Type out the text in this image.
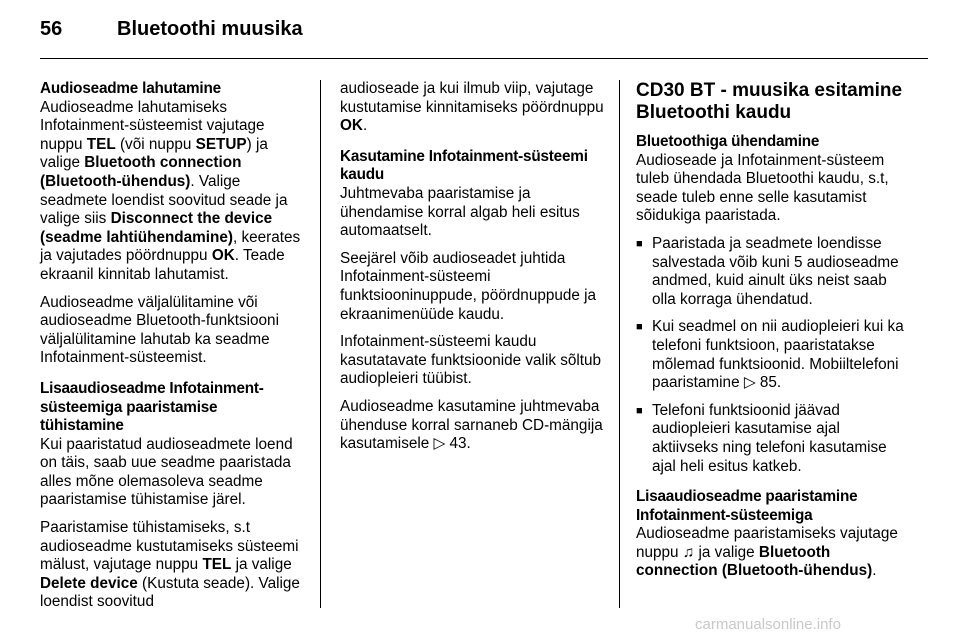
56	Bluetoothi muusika

Audioseadme lahutamine

Audioseadme lahutamiseks Infotainment-süsteemist vajutage nuppu TEL (või nuppu SETUP) ja valige Bluetooth connection (Bluetooth-ühendus). Valige seadmete loendist soovitud seade ja valige siis Disconnect the device (seadme lahtiühendamine), keerates ja vajutades pöördnuppu OK. Teade ekraanil kinnitab lahutamist.

Audioseadme väljalülitamine või audioseadme Bluetooth-funktsiooni väljalülitamine lahutab ka seadme Infotainment-süsteemist.

Lisaaudioseadme Infotainment-süsteemiga paaristamise tühistamine

Kui paaristatud audioseadmete loend on täis, saab uue seadme paaristada alles mõne olemasoleva seadme paaristamise tühistamise järel.

Paaristamise tühistamiseks, s.t audioseadme kustutamiseks süsteemi mälust, vajutage nuppu TEL ja valige Delete device (Kustuta seade). Valige loendist soovitud

audioseade ja kui ilmub viip, vajutage kustutamise kinnitamiseks pöördnuppu OK.

Kasutamine Infotainment-süsteemi kaudu

Juhtmevaba paaristamise ja ühendamise korral algab heli esitus automaatselt.

Seejärel võib audioseadet juhtida Infotainment-süsteemi funktsiooninuppude, pöördnuppude ja ekraanimenüüde kaudu.

Infotainment-süsteemi kaudu kasutatavate funktsioonide valik sõltub audiopleieri tüübist.

Audioseadme kasutamine juhtmevaba ühenduse korral sarnaneb CD-mängija kasutamisele ▷ 43.

CD30 BT - muusika esitamine Bluetoothi kaudu

Bluetoothiga ühendamine

Audioseade ja Infotainment-süsteem tuleb ühendada Bluetoothi kaudu, s.t, seade tuleb enne selle kasutamist sõidukiga paaristada.

■ Paaristada ja seadmete loendisse salvestada võib kuni 5 audioseadme andmed, kuid ainult üks neist saab olla korraga ühendatud.
■ Kui seadmel on nii audiopleieri kui ka telefoni funktsioon, paaristatakse mõlemad funktsioonid. Mobiiltelefoni paaristamine ▷ 85.
■ Telefoni funktsioonid jäävad audiopleieri kasutamise ajal aktiivseks ning telefoni kasutamise ajal heli esitus katkeb.

Lisaaudioseadme paaristamine Infotainment-süsteemiga

Audioseadme paaristamiseks vajutage nuppu ♫ ja valige Bluetooth connection (Bluetooth-ühendus).

carmanualsonline.info
